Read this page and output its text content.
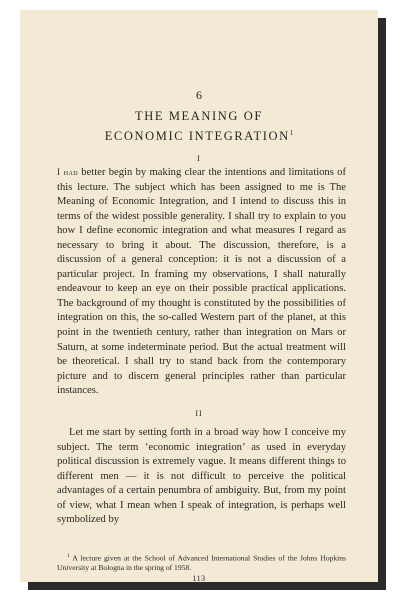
6
THE MEANING OF
ECONOMIC INTEGRATION$^1$
I
I had better begin by making clear the intentions and limitations of this lecture. The subject which has been assigned to me is The Meaning of Economic Integration, and I intend to discuss this in terms of the widest possible generality. I shall try to explain to you how I define economic integration and what measures I regard as necessary to bring it about. The discussion, therefore, is a discussion of a general conception: it is not a discussion of a particular project. In framing my observations, I shall naturally endeavour to keep an eye on their possible practical applications. The background of my thought is constituted by the possibilities of integration on this, the so-called Western part of the planet, at this point in the twentieth century, rather than integration on Mars or Saturn, at some indeterminate period. But the actual treatment will be theoretical. I shall try to stand back from the contemporary picture and to discern general principles rather than particular instances.
II
Let me start by setting forth in a broad way how I conceive my subject. The term ‘economic integration’ as used in everyday political discussion is extremely vague. It means different things to different men — it is not difficult to perceive the political advantages of a certain penumbra of ambiguity. But, from my point of view, what I mean when I speak of integration, is perhaps well symbolized by
$^1$ A lecture given at the School of Advanced International Studies of the Johns Hopkins University at Bologna in the spring of 1958.
113
